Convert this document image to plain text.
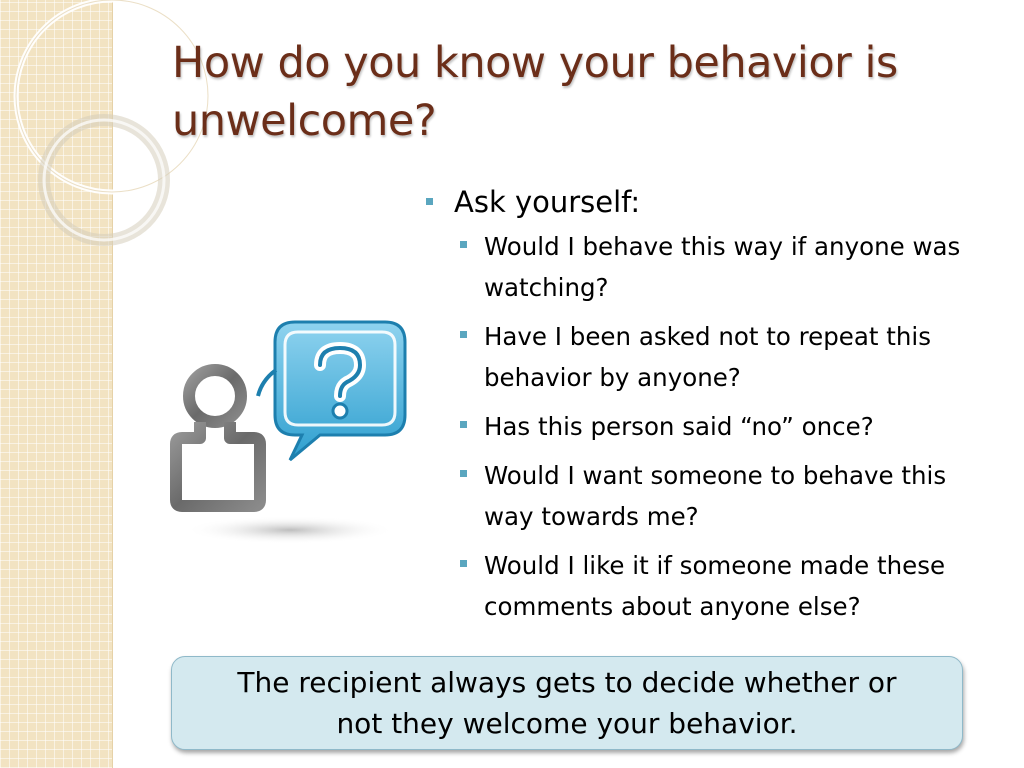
How do you know your behavior is unwelcome?
Ask yourself:
Would I behave this way if anyone was watching?
Have I been asked not to repeat this behavior by anyone?
Has this person said “no” once?
Would I want someone to behave this way towards me?
Would I like it if someone made these comments about anyone else?
The recipient always gets to decide whether or not they welcome your behavior.
